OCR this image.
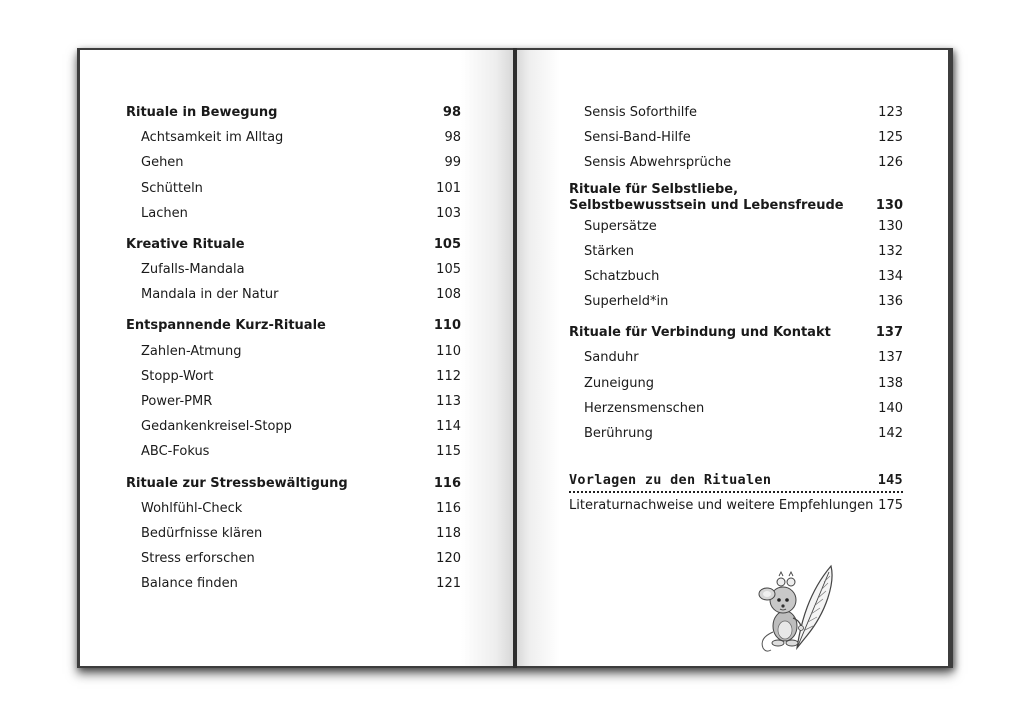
Rituale in Bewegung	98
Achtsamkeit im Alltag	98
Gehen	99
Schütteln	101
Lachen	103
Kreative Rituale	105
Zufalls-Mandala	105
Mandala in der Natur	108
Entspannende Kurz-Rituale	110
Zahlen-Atmung	110
Stopp-Wort	112
Power-PMR	113
Gedankenkreisel-Stopp	114
ABC-Fokus	115
Rituale zur Stressbewältigung	116
Wohlfühl-Check	116
Bedürfnisse klären	118
Stress erforschen	120
Balance finden	121
Sensis Soforthilfe	123
Sensi-Band-Hilfe	125
Sensis Abwehrsprüche	126
Rituale für Selbstliebe, Selbstbewusstsein und Lebensfreude	130
Supersätze	130
Stärken	132
Schatzbuch	134
Superheld*in	136
Rituale für Verbindung und Kontakt	137
Sanduhr	137
Zuneigung	138
Herzensmenschen	140
Berührung	142
Vorlagen zu den Ritualen	145
Literaturnachweise und weitere Empfehlungen 175
